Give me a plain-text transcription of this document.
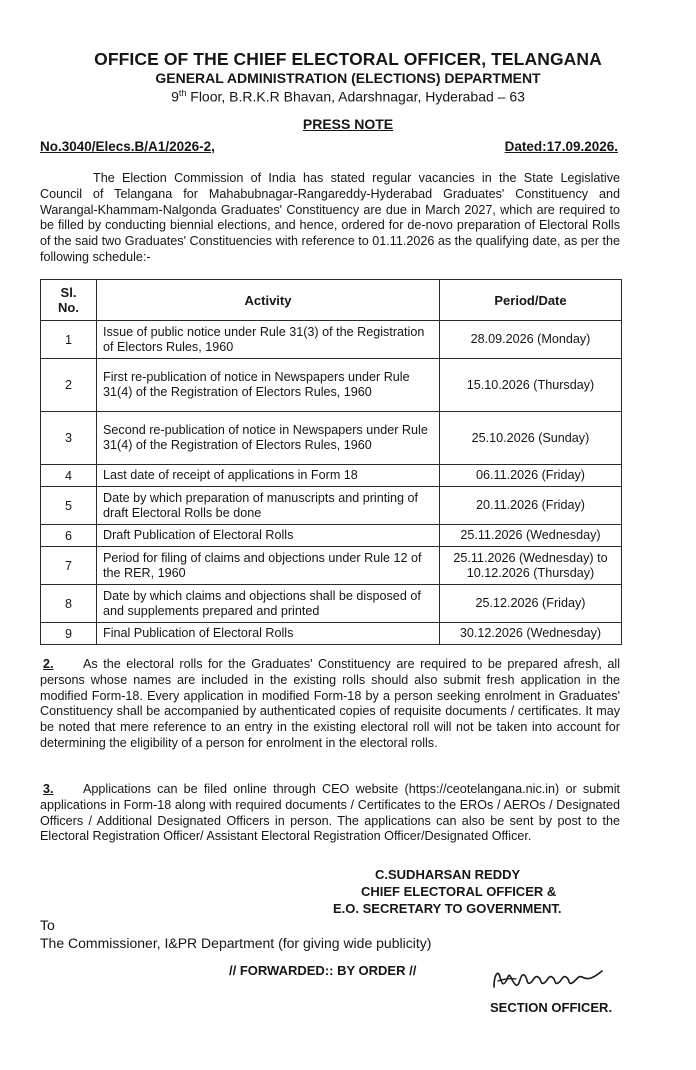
OFFICE OF THE CHIEF ELECTORAL OFFICER, TELANGANA
GENERAL ADMINISTRATION (ELECTIONS) DEPARTMENT
9th Floor, B.R.K.R Bhavan, Adarshnagar, Hyderabad – 63
PRESS NOTE
No.3040/Elecs.B/A1/2026-2,	Dated:17.09.2026.
The Election Commission of India has stated regular vacancies in the State Legislative Council of Telangana for Mahabubnagar-Rangareddy-Hyderabad Graduates' Constituency and Warangal-Khammam-Nalgonda Graduates' Constituency are due in March 2027, which are required to be filled by conducting biennial elections, and hence, ordered for de-novo preparation of Electoral Rolls of the said two Graduates' Constituencies with reference to 01.11.2026 as the qualifying date, as per the following schedule:-
Sl.
No.	Activity	Period/Date
1	Issue of public notice under Rule 31(3) of the Registration of Electors Rules, 1960	28.09.2026 (Monday)
2	First re-publication of notice in Newspapers under Rule 31(4) of the Registration of Electors Rules, 1960	15.10.2026 (Thursday)
3	Second re-publication of notice in Newspapers under Rule 31(4) of the Registration of Electors Rules, 1960	25.10.2026 (Sunday)
4	Last date of receipt of applications in Form 18	06.11.2026 (Friday)
5	Date by which preparation of manuscripts and printing of draft Electoral Rolls be done	20.11.2026 (Friday)
6	Draft Publication of Electoral Rolls	25.11.2026 (Wednesday)
7	Period for filing of claims and objections under Rule 12 of the RER, 1960	25.11.2026 (Wednesday) to
10.12.2026 (Thursday)
8	Date by which claims and objections shall be disposed of and supplements prepared and printed	25.12.2026 (Friday)
9	Final Publication of Electoral Rolls	30.12.2026 (Wednesday)
2. As the electoral rolls for the Graduates' Constituency are required to be prepared afresh, all persons whose names are included in the existing rolls should also submit fresh application in the modified Form-18. Every application in modified Form-18 by a person seeking enrolment in Graduates' Constituency shall be accompanied by authenticated copies of requisite documents / certificates. It may be noted that mere reference to an entry in the existing electoral roll will not be taken into account for determining the eligibility of a person for enrolment in the electoral rolls.
3. Applications can be filed online through CEO website (https://ceotelangana.nic.in) or submit applications in Form-18 along with required documents / Certificates to the EROs / AEROs / Designated Officers / Additional Designated Officers in person. The applications can also be sent by post to the Electoral Registration Officer/ Assistant Electoral Registration Officer/Designated Officer.
C.SUDHARSAN REDDY
CHIEF ELECTORAL OFFICER &
E.O. SECRETARY TO GOVERNMENT.
To
The Commissioner, I&PR Department (for giving wide publicity)
// FORWARDED:: BY ORDER //
SECTION OFFICER.
